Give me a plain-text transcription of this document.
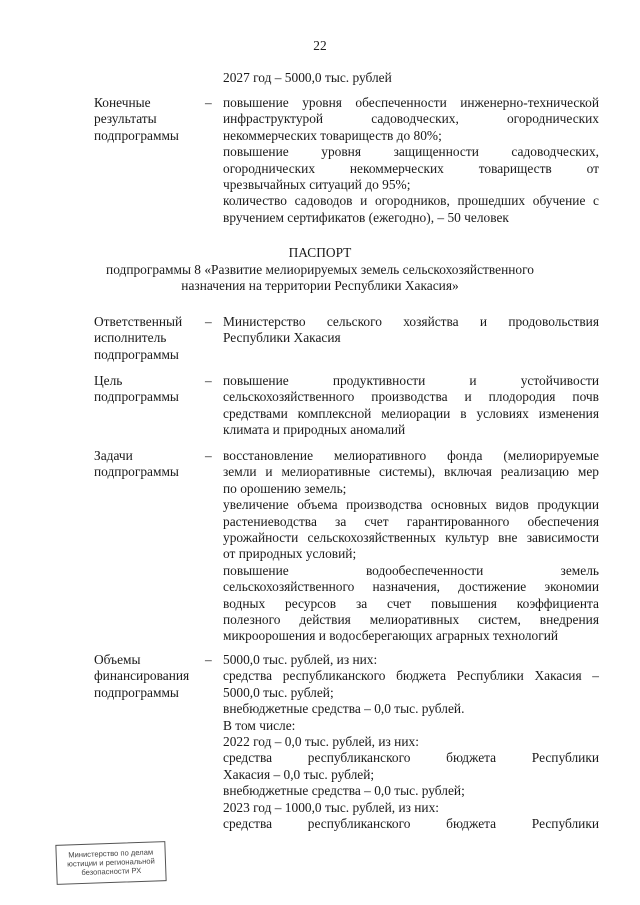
22
2027 год – 5000,0 тыс. рублей
Конечные
результаты
подпрограммы
– повышение уровня обеспеченности инженерно-технической
инфраструктурой садоводческих, огороднических
некоммерческих товариществ до 80%;
повышение уровня защищенности садоводческих,
огороднических некоммерческих товариществ от
чрезвычайных ситуаций до 95%;
количество садоводов и огородников, прошедших обучение с
вручением сертификатов (ежегодно), – 50 человек
ПАСПОРТ
подпрограммы 8 «Развитие мелиорируемых земель сельскохозяйственного
назначения на территории Республики Хакасия»
Ответственный
исполнитель
подпрограммы
– Министерство сельского хозяйства и продовольствия
Республики Хакасия
Цель
подпрограммы
– повышение продуктивности и устойчивости
сельскохозяйственного производства и плодородия почв
средствами комплексной мелиорации в условиях изменения
климата и природных аномалий
Задачи
подпрограммы
– восстановление мелиоративного фонда (мелиорируемые
земли и мелиоративные системы), включая реализацию мер
по орошению земель;
увеличение объема производства основных видов продукции
растениеводства за счет гарантированного обеспечения
урожайности сельскохозяйственных культур вне зависимости
от природных условий;
повышение водообеспеченности земель
сельскохозяйственного назначения, достижение экономии
водных ресурсов за счет повышения коэффициента
полезного действия мелиоративных систем, внедрения
микроорошения и водосберегающих аграрных технологий
Объемы
финансирования
подпрограммы
– 5000,0 тыс. рублей, из них:
средства республиканского бюджета Республики Хакасия –
5000,0 тыс. рублей;
внебюджетные средства – 0,0 тыс. рублей.
В том числе:
2022 год – 0,0 тыс. рублей, из них:
средства республиканского бюджета Республики
Хакасия – 0,0 тыс. рублей;
внебюджетные средства – 0,0 тыс. рублей;
2023 год – 1000,0 тыс. рублей, из них:
средства республиканского бюджета Республики
Министерство по делам
юстиции и региональной
безопасности РХ
